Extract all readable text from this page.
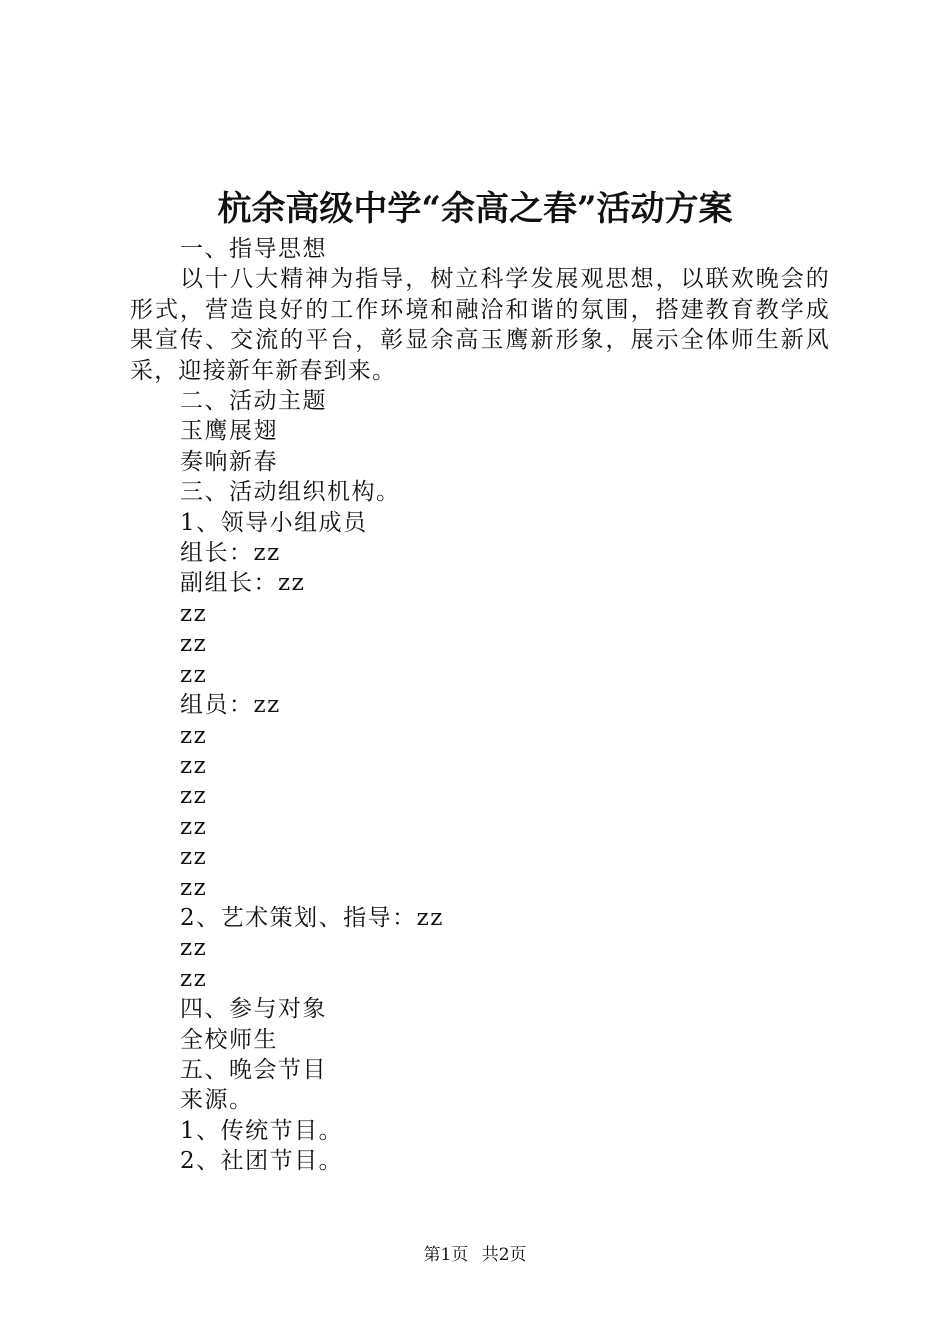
杭余高级中学“余高之春”活动方案
一、指导思想
以十八大精神为指导，树立科学发展观思想，以联欢晚会的形式，营造良好的工作环境和融洽和谐的氛围，搭建教育教学成果宣传、交流的平台，彰显余高玉鹰新形象，展示全体师生新风采，迎接新年新春到来。
二、活动主题
玉鹰展翅
奏响新春
三、活动组织机构。
1、领导小组成员
组长：zz
副组长：zz
zz
zz
zz
组员：zz
zz
zz
zz
zz
zz
zz
2、艺术策划、指导：zz
zz
zz
四、参与对象
全校师生
五、晚会节目
来源。
1、传统节目。
2、社团节目。
第1页 共2页
